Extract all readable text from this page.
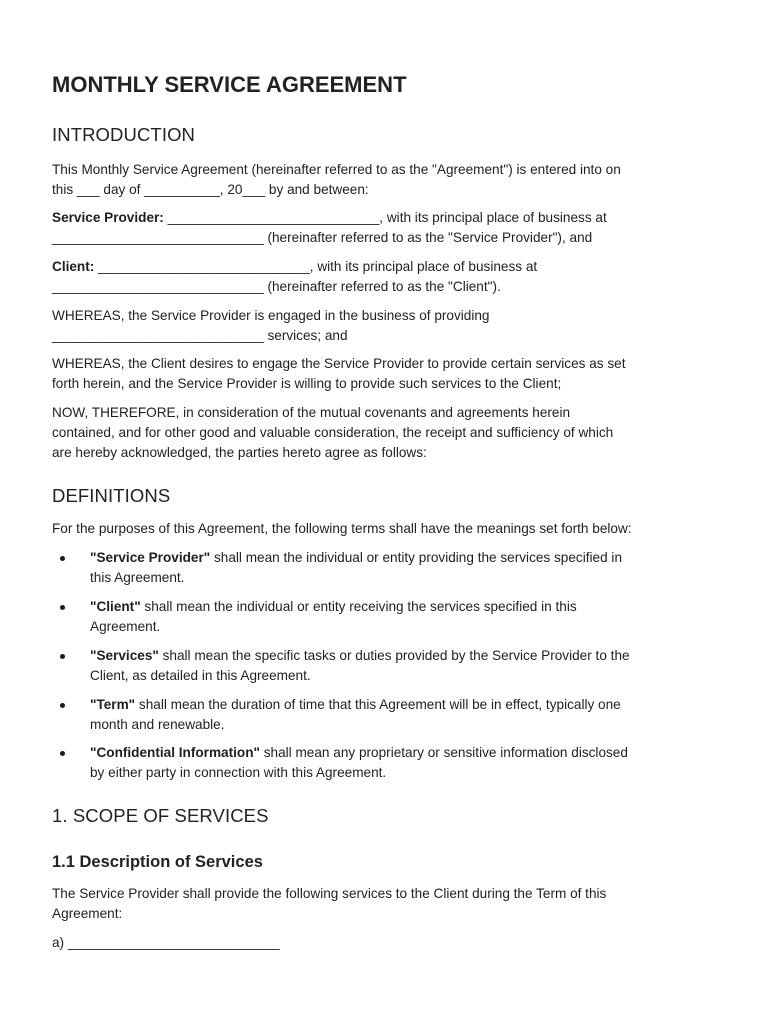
MONTHLY SERVICE AGREEMENT
INTRODUCTION

This Monthly Service Agreement (hereinafter referred to as the "Agreement") is entered into on
this ___ day of __________, 20___ by and between:

Service Provider: ____________________________, with its principal place of business at
____________________________ (hereinafter referred to as the "Service Provider"), and

Client: ____________________________, with its principal place of business at
____________________________ (hereinafter referred to as the "Client").

WHEREAS, the Service Provider is engaged in the business of providing
____________________________ services; and

WHEREAS, the Client desires to engage the Service Provider to provide certain services as set
forth herein, and the Service Provider is willing to provide such services to the Client;

NOW, THEREFORE, in consideration of the mutual covenants and agreements herein
contained, and for other good and valuable consideration, the receipt and sufficiency of which
are hereby acknowledged, the parties hereto agree as follows:

DEFINITIONS

For the purposes of this Agreement, the following terms shall have the meanings set forth below:

"Service Provider" shall mean the individual or entity providing the services specified in
this Agreement.
"Client" shall mean the individual or entity receiving the services specified in this
Agreement.
"Services" shall mean the specific tasks or duties provided by the Service Provider to the
Client, as detailed in this Agreement.
"Term" shall mean the duration of time that this Agreement will be in effect, typically one
month and renewable.
"Confidential Information" shall mean any proprietary or sensitive information disclosed
by either party in connection with this Agreement.
1. SCOPE OF SERVICES
1.1 Description of Services

The Service Provider shall provide the following services to the Client during the Term of this
Agreement:

a) ____________________________
